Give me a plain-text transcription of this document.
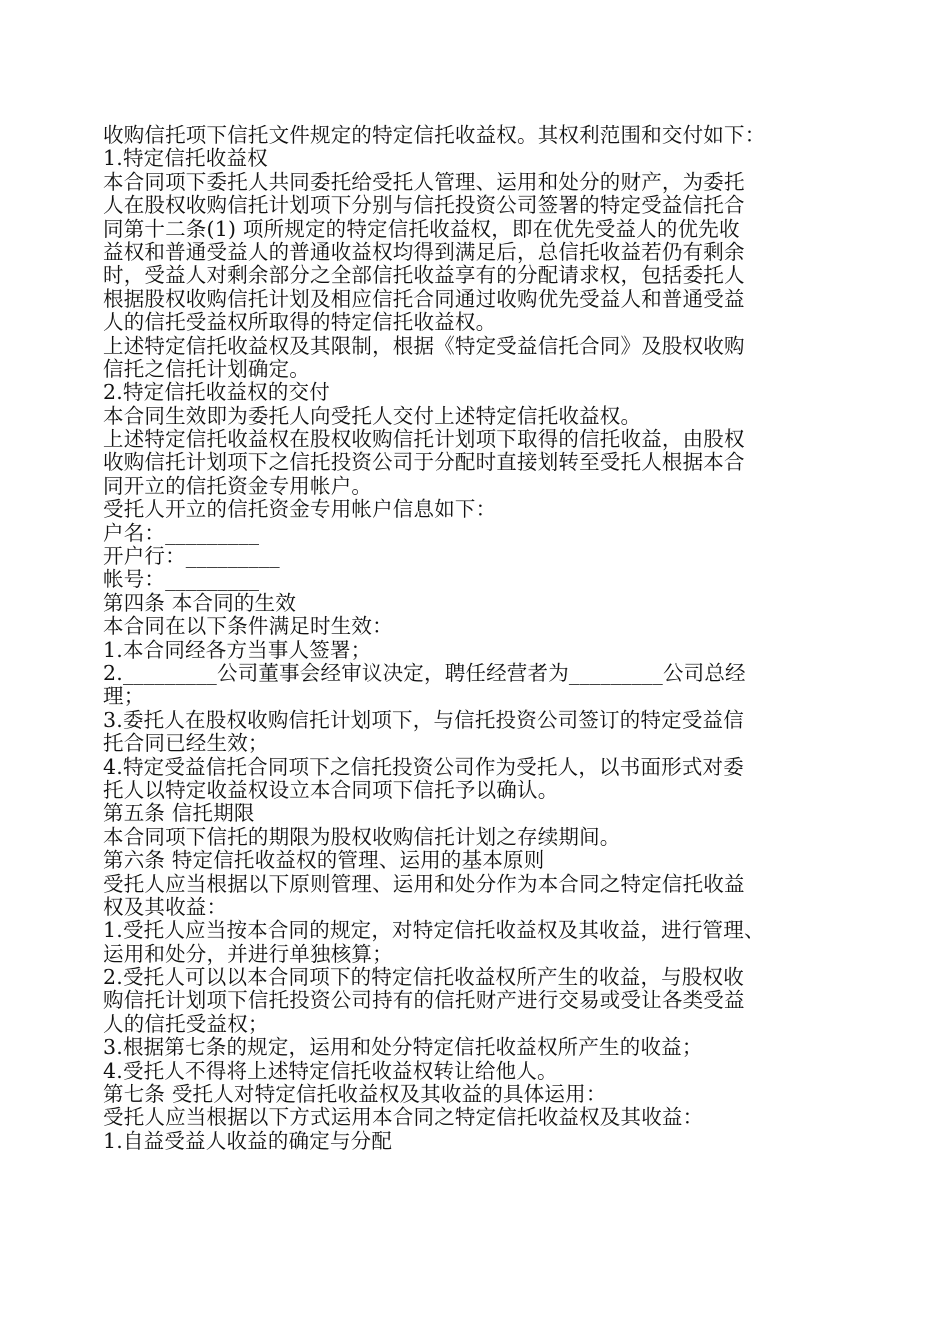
收购信托项下信托文件规定的特定信托收益权。其权利范围和交付如下：
1.特定信托收益权
本合同项下委托人共同委托给受托人管理、运用和处分的财产，为委托
人在股权收购信托计划项下分别与信托投资公司签署的特定受益信托合
同第十二条(1) 项所规定的特定信托收益权，即在优先受益人的优先收
益权和普通受益人的普通收益权均得到满足后，总信托收益若仍有剩余
时，受益人对剩余部分之全部信托收益享有的分配请求权，包括委托人
根据股权收购信托计划及相应信托合同通过收购优先受益人和普通受益
人的信托受益权所取得的特定信托收益权。
上述特定信托收益权及其限制，根据《特定受益信托合同》及股权收购
信托之信托计划确定。
2.特定信托收益权的交付
本合同生效即为委托人向受托人交付上述特定信托收益权。
上述特定信托收益权在股权收购信托计划项下取得的信托收益，由股权
收购信托计划项下之信托投资公司于分配时直接划转至受托人根据本合
同开立的信托资金专用帐户。
受托人开立的信托资金专用帐户信息如下：
户名：_________
开户行：_________
帐号：_________
第四条 本合同的生效
本合同在以下条件满足时生效：
1.本合同经各方当事人签署；
2._________公司董事会经审议决定，聘任经营者为_________公司总经
理；
3.委托人在股权收购信托计划项下，与信托投资公司签订的特定受益信
托合同已经生效；
4.特定受益信托合同项下之信托投资公司作为受托人，以书面形式对委
托人以特定收益权设立本合同项下信托予以确认。
第五条 信托期限
本合同项下信托的期限为股权收购信托计划之存续期间。
第六条 特定信托收益权的管理、运用的基本原则
受托人应当根据以下原则管理、运用和处分作为本合同之特定信托收益
权及其收益：
1.受托人应当按本合同的规定，对特定信托收益权及其收益，进行管理、
运用和处分，并进行单独核算；
2.受托人可以以本合同项下的特定信托收益权所产生的收益，与股权收
购信托计划项下信托投资公司持有的信托财产进行交易或受让各类受益
人的信托受益权；
3.根据第七条的规定，运用和处分特定信托收益权所产生的收益；
4.受托人不得将上述特定信托收益权转让给他人。
第七条 受托人对特定信托收益权及其收益的具体运用：
受托人应当根据以下方式运用本合同之特定信托收益权及其收益：
1.自益受益人收益的确定与分配
